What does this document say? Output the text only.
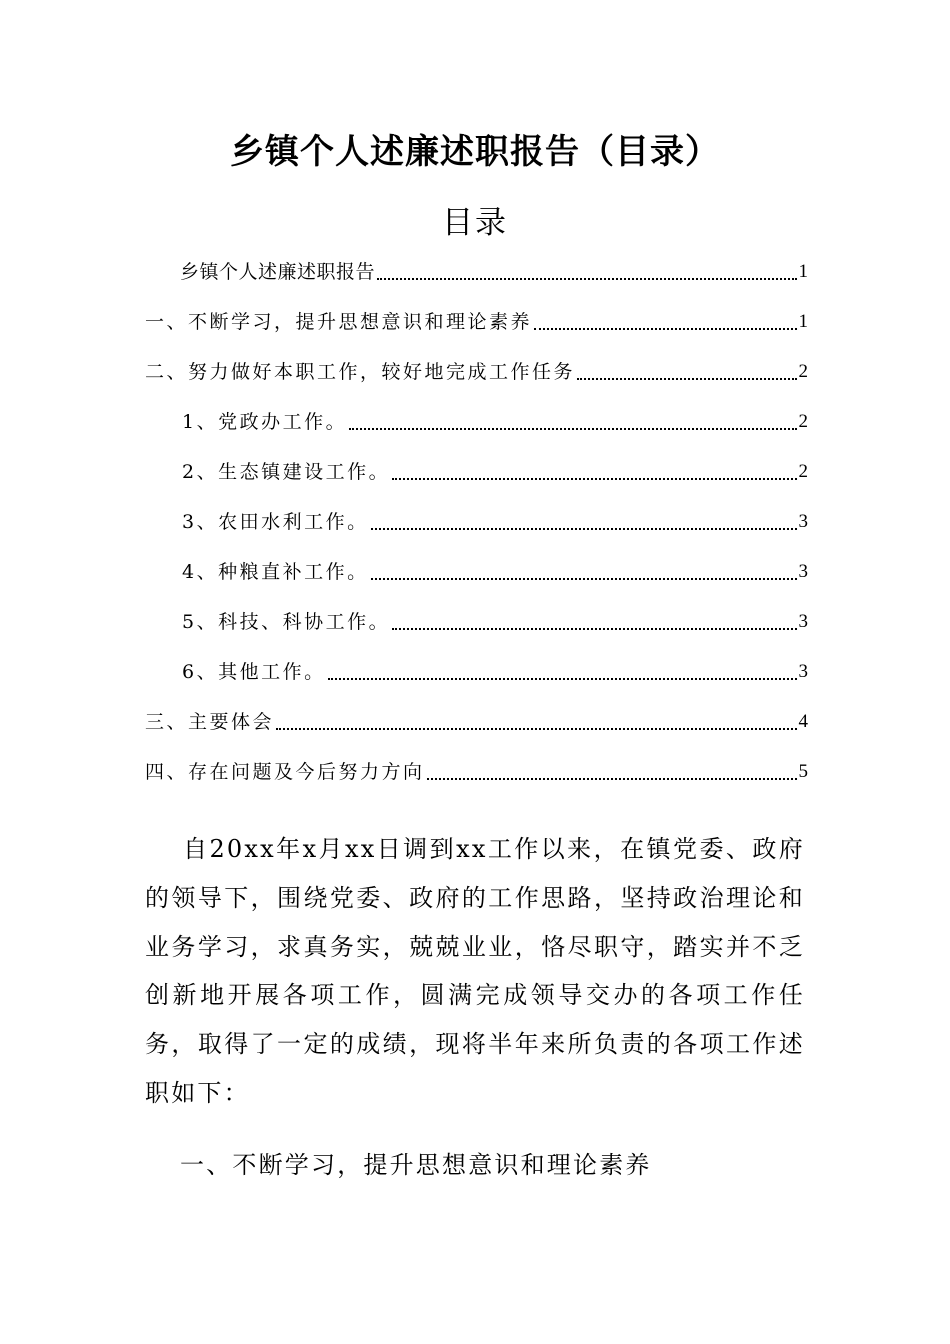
乡镇个人述廉述职报告（目录）
目录
乡镇个人述廉述职报告	1
一、不断学习，提升思想意识和理论素养	1
二、努力做好本职工作，较好地完成工作任务	2
1、党政办工作。	2
2、生态镇建设工作。	2
3、农田水利工作。	3
4、种粮直补工作。	3
5、科技、科协工作。	3
6、其他工作。	3
三、主要体会	4
四、存在问题及今后努力方向	5

自20xx年x月xx日调到xx工作以来，在镇党委、政府的领导下，围绕党委、政府的工作思路，坚持政治理论和业务学习，求真务实，兢兢业业，恪尽职守，踏实并不乏创新地开展各项工作，圆满完成领导交办的各项工作任务，取得了一定的成绩，现将半年来所负责的各项工作述职如下：

一、不断学习，提升思想意识和理论素养
